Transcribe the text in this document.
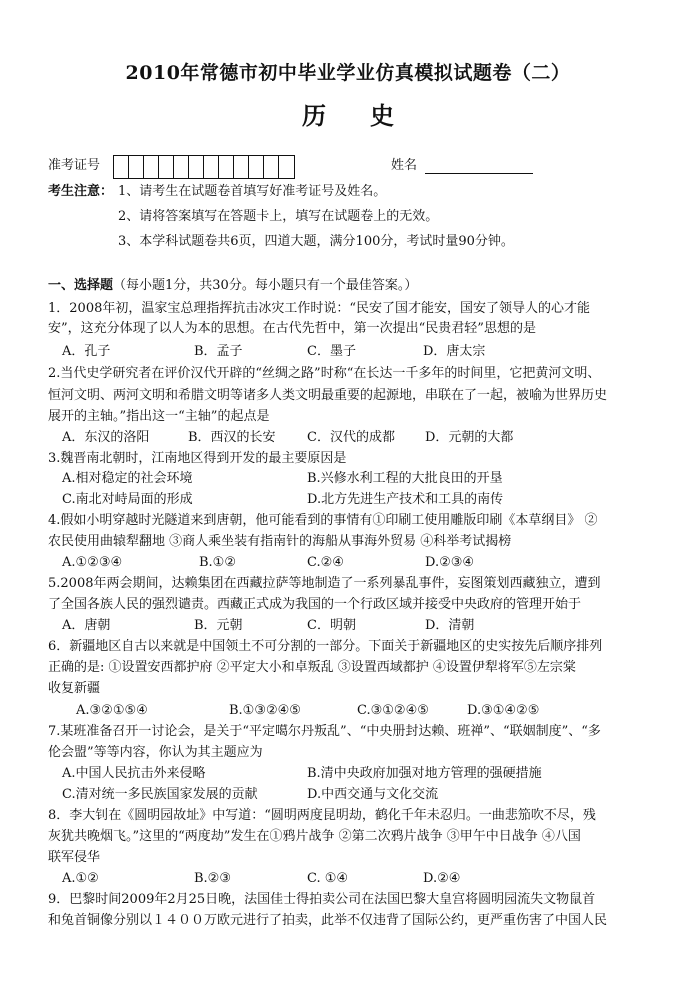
2010年常德市初中毕业学业仿真模拟试题卷（二）
历 史
准考证号	姓名
考生注意： 1、请考生在试题卷首填写好准考证号及姓名。
2、请将答案填写在答题卡上，填写在试题卷上的无效。
3、本学科试题卷共6页，四道大题，满分100分，考试时量90分钟。
一、选择题（每小题1分，共30分。每小题只有一个最佳答案。）
1．2008年初，温家宝总理指挥抗击冰灾工作时说：“民安了国才能安，国安了领导人的心才能
安”，这充分体现了以人为本的思想。在古代先哲中，第一次提出“民贵君轻”思想的是
A．孔子	B．孟子	C．墨子	D．唐太宗
2.当代史学研究者在评价汉代开辟的“丝绸之路”时称“在长达一千多年的时间里，它把黄河文明、
恒河文明、两河文明和希腊文明等诸多人类文明最重要的起源地，串联在了一起，被喻为世界历史
展开的主轴。”指出这一“主轴”的起点是
A．东汉的洛阳	B．西汉的长安 C．汉代的成都 D．元朝的大都
3.魏晋南北朝时，江南地区得到开发的最主要原因是
A.相对稳定的社会环境	B.兴修水利工程的大批良田的开垦
C.南北对峙局面的形成	D.北方先进生产技术和工具的南传
4.假如小明穿越时光隧道来到唐朝，他可能看到的事情有①印刷工使用雕版印刷《本草纲目》 ②
农民使用曲辕犁翻地 ③商人乘坐装有指南针的海船从事海外贸易 ④科举考试揭榜
A.①②③④	B.①②	C.②④	D.②③④
5.2008年两会期间，达赖集团在西藏拉萨等地制造了一系列暴乱事件，妄图策划西藏独立，遭到
了全国各族人民的强烈谴责。西藏正式成为我国的一个行政区域并接受中央政府的管理开始于
A．唐朝	B．元朝	C．明朝	D．清朝
6．新疆地区自古以来就是中国领土不可分割的一部分。下面关于新疆地区的史实按先后顺序排列
正确的是: ①设置安西都护府 ②平定大小和卓叛乱 ③设置西域都护 ④设置伊犁将军⑤左宗棠
收复新疆
A.③②①⑤④	B.①③②④⑤	C.③①②④⑤	D.③①④②⑤
7.某班准备召开一讨论会，是关于“平定噶尔丹叛乱”、“中央册封达赖、班禅”、“联姻制度”、“多
伦会盟”等等内容，你认为其主题应为
A.中国人民抗击外来侵略	B.清中央政府加强对地方管理的强硬措施
C.清对统一多民族国家发展的贡献	D.中西交通与文化交流
8．李大钊在《圆明园故址》中写道：“圆明两度昆明劫，鹤化千年未忍归。一曲悲笳吹不尽，残
灰犹共晚烟飞。”这里的“两度劫”发生在①鸦片战争 ②第二次鸦片战争 ③甲午中日战争 ④八国
联军侵华
A.①②	B.②③	C. ①④	D.②④
9．巴黎时间2009年2月25日晚，法国佳士得拍卖公司在法国巴黎大皇宫将圆明园流失文物鼠首
和兔首铜像分别以１４００万欧元进行了拍卖，此举不仅违背了国际公约，更严重伤害了中国人民
